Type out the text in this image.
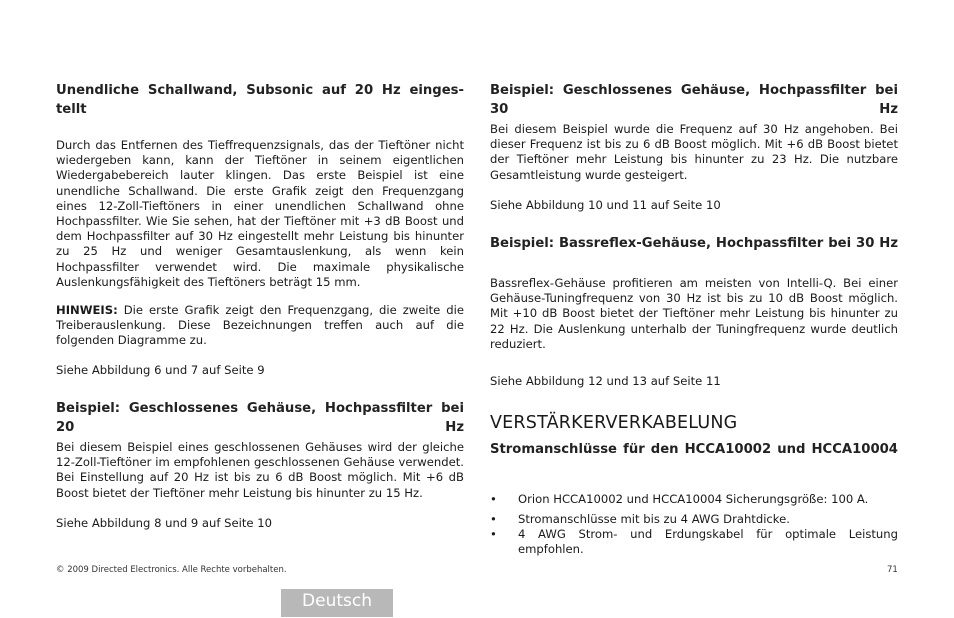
Unendliche Schallwand, Subsonic auf 20 Hz einges-tellt
Durch das Entfernen des Tieffrequenzsignals, das der Tieftöner nicht wiedergeben kann, kann der Tieftöner in seinem eigentlichen Wiedergabebereich lauter klingen. Das erste Beispiel ist eine unendliche Schallwand. Die erste Grafik zeigt den Frequenzgang eines 12-Zoll-Tieftöners in einer unendlichen Schallwand ohne Hochpassfilter. Wie Sie sehen, hat der Tieftöner mit +3 dB Boost und dem Hochpassfilter auf 30 Hz eingestellt mehr Leistung bis hinunter zu 25 Hz und weniger Gesamtauslenkung, als wenn kein Hochpassfilter verwendet wird. Die maximale physikalische Auslenkungsfähigkeit des Tieftöners beträgt 15 mm.
HINWEIS: Die erste Grafik zeigt den Frequenzgang, die zweite die Treiberauslenkung. Diese Bezeichnungen treffen auch auf die folgenden Diagramme zu.
Siehe Abbildung 6 und 7 auf Seite 9
Beispiel: Geschlossenes Gehäuse, Hochpassfilter bei 20 Hz
Bei diesem Beispiel eines geschlossenen Gehäuses wird der gleiche 12-Zoll-Tieftöner im empfohlenen geschlossenen Gehäuse verwendet. Bei Einstellung auf 20 Hz ist bis zu 6 dB Boost möglich. Mit +6 dB Boost bietet der Tieftöner mehr Leistung bis hinunter zu 15 Hz.
Siehe Abbildung 8 und 9 auf Seite 10
Beispiel: Geschlossenes Gehäuse, Hochpassfilter bei 30 Hz
Bei diesem Beispiel wurde die Frequenz auf 30 Hz angehoben. Bei dieser Frequenz ist bis zu 6 dB Boost möglich. Mit +6 dB Boost bietet der Tieftöner mehr Leistung bis hinunter zu 23 Hz. Die nutzbare Gesamtleistung wurde gesteigert.
Siehe Abbildung 10 und 11 auf Seite 10
Beispiel: Bassreflex-Gehäuse, Hochpassfilter bei 30 Hz
Bassreflex-Gehäuse profitieren am meisten von Intelli-Q. Bei einer Gehäuse-Tuningfrequenz von 30 Hz ist bis zu 10 dB Boost möglich. Mit +10 dB Boost bietet der Tieftöner mehr Leistung bis hinunter zu 22 Hz. Die Auslenkung unterhalb der Tuningfrequenz wurde deutlich reduziert.
Siehe Abbildung 12 und 13 auf Seite 11
VERSTÄRKERVERKABELUNG
Stromanschlüsse für den HCCA10002 und HCCA10004
• Orion HCCA10002 und HCCA10004 Sicherungsgröße: 100 A.
• Stromanschlüsse mit bis zu 4 AWG Drahtdicke.
• 4 AWG Strom- und Erdungskabel für optimale Leistung empfohlen.
© 2009 Directed Electronics. Alle Rechte vorbehalten.	71
Deutsch
